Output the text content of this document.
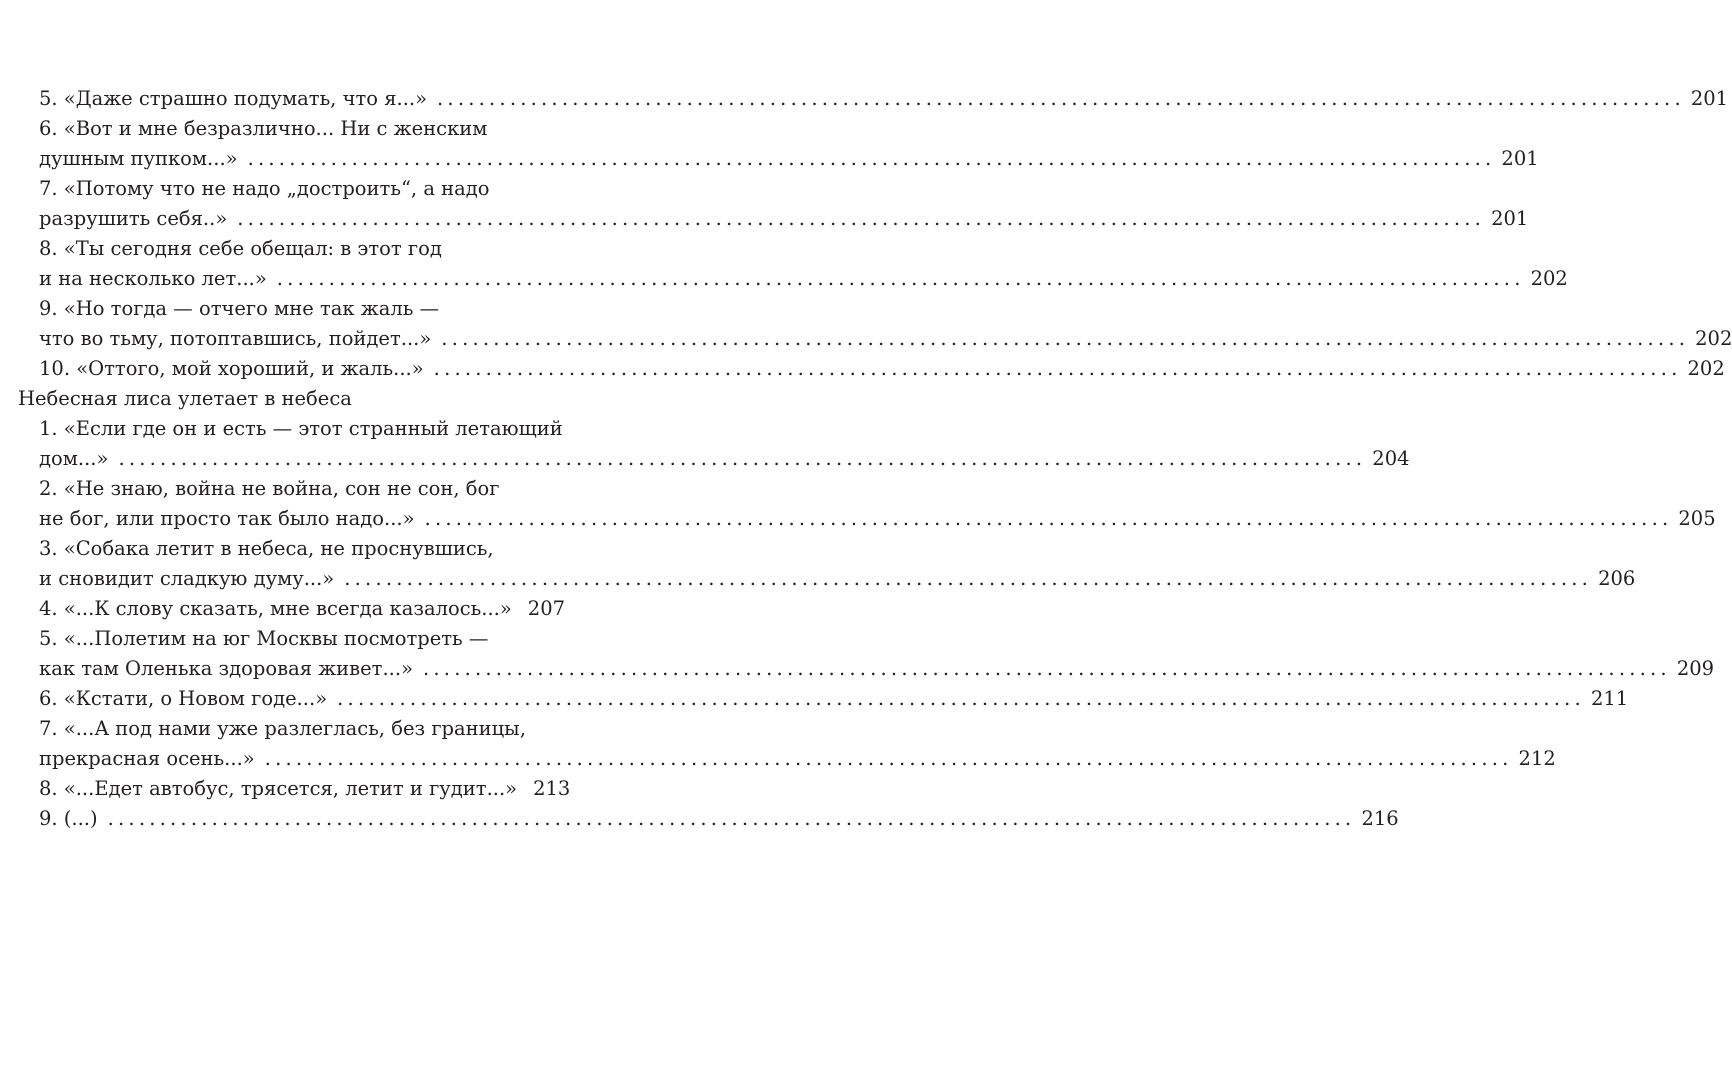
5. «Даже страшно подумать, что я...» ........................................................................................................................ 201
6. «Вот и мне безразлично... Ни с женским
душным пупком...» ........................................................................................................................ 201
7. «Потому что не надо „достроить“, а надо
разрушить себя..» ........................................................................................................................ 201
8. «Ты сегодня себе обещал: в этот год
и на несколько лет...» ........................................................................................................................ 202
9. «Но тогда — отчего мне так жаль —
что во тьму, потоптавшись, пойдет...» ........................................................................................................................ 202
10. «Оттого, мой хороший, и жаль...» ........................................................................................................................ 202
Небесная лиса улетает в небеса
1. «Если где он и есть — этот странный летающий
дом...» ........................................................................................................................ 204
2. «Не знаю, война не война, сон не сон, бог
не бог, или просто так было надо...» ........................................................................................................................ 205
3. «Собака летит в небеса, не проснувшись,
и сновидит сладкую думу...» ........................................................................................................................ 206
4. «...К слову сказать, мне всегда казалось...» 207
5. «...Полетим на юг Москвы посмотреть —
как там Оленька здоровая живет...» ........................................................................................................................ 209
6. «Кстати, о Новом годе...» ........................................................................................................................ 211
7. «...А под нами уже разлеглась, без границы,
прекрасная осень...» ........................................................................................................................ 212
8. «...Едет автобус, трясется, летит и гудит...» 213
9. (...) ........................................................................................................................ 216
